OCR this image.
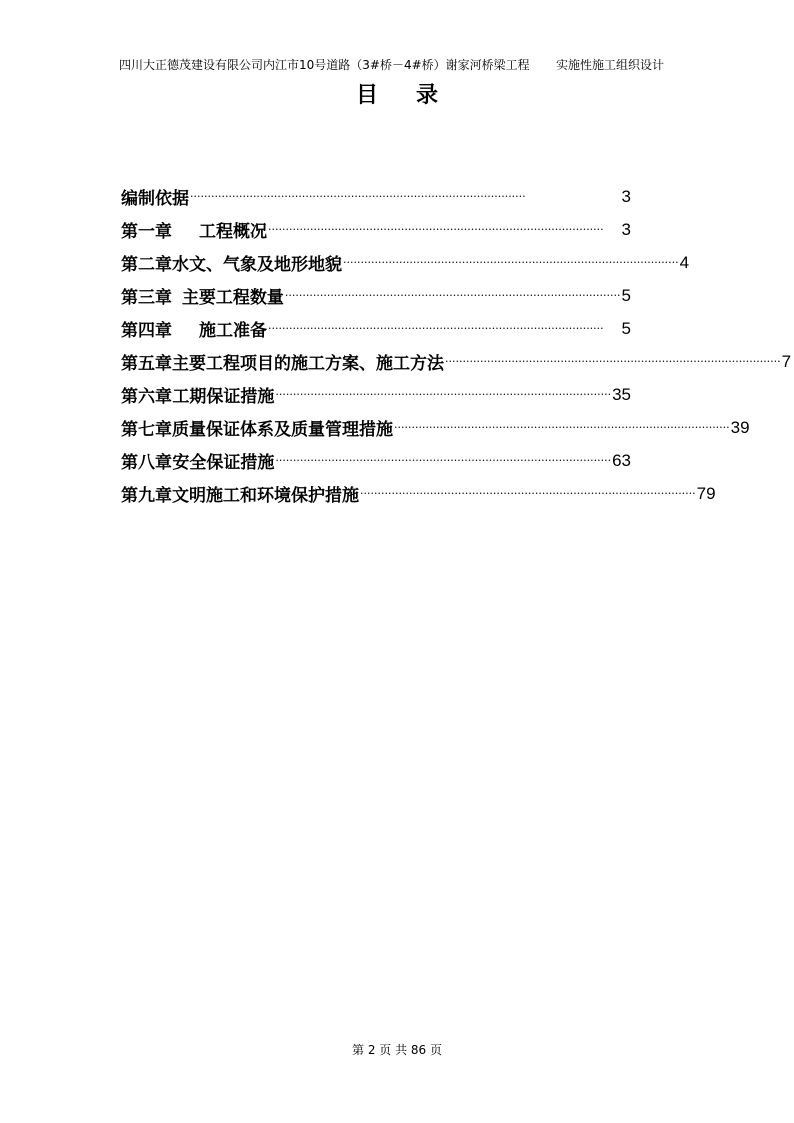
四川大正德茂建设有限公司内江市10号道路（3#桥－4#桥）谢家河桥梁工程 实施性施工组织设计
目录
编制依据 ································································································	3
第一章	工程概况 ································································································	3
第二章 水文、气象及地形地貌 ································································································ 4
第三章 主要工程数量 ································································································ 5
第四章	施工准备 ································································································	5
第五章 主要工程项目的施工方案、施工方法 ································································································ 7
第六章 工期保证措施 ································································································ 35
第七章 质量保证体系及质量管理措施 ································································································ 39
第八章 安全保证措施 ································································································ 63
第九章 文明施工和环境保护措施 ································································································ 79
第 2 页 共 86 页
